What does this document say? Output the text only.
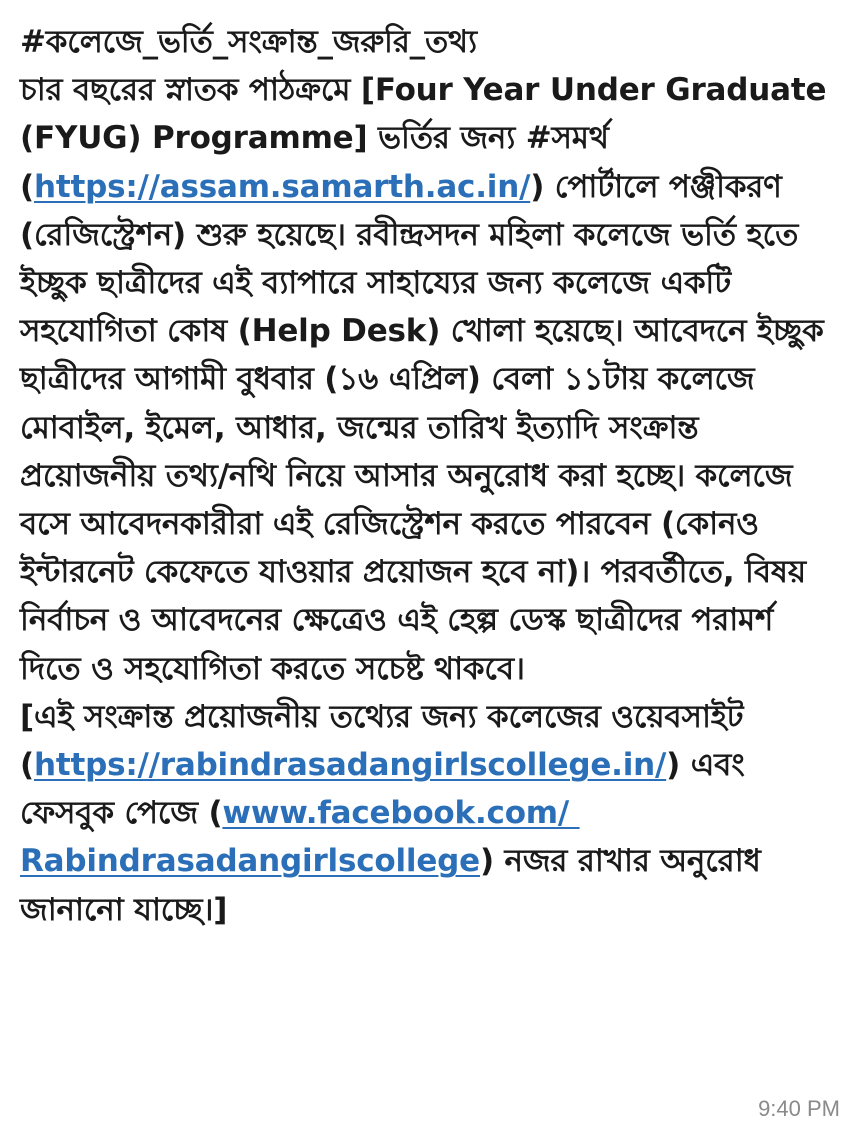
#কলেজে_ভর্তি_সংক্রান্ত_জরুরি_তথ্য
চার বছরের স্নাতক পাঠক্রমে [Four Year Under Graduate (FYUG) Programme] ভর্তির জন্য #সমর্থ (https://assam.samarth.ac.in/) পোর্টালে পঞ্জীকরণ (রেজিস্ট্রেশন) শুরু হয়েছে। রবীন্দ্রসদন মহিলা কলেজে ভর্তি হতে ইচ্ছুক ছাত্রীদের এই ব্যাপারে সাহায্যের জন্য কলেজে একটি সহযোগিতা কোষ (Help Desk) খোলা হয়েছে। আবেদনে ইচ্ছুক ছাত্রীদের আগামী বুধবার (১৬ এপ্রিল) বেলা ১১টায় কলেজে মোবাইল, ইমেল, আধার, জন্মের তারিখ ইত্যাদি সংক্রান্ত প্রয়োজনীয় তথ্য/নথি নিয়ে আসার অনুরোধ করা হচ্ছে। কলেজে বসে আবেদনকারীরা এই রেজিস্ট্রেশন করতে পারবেন (কোনও ইন্টারনেট কেফেতে যাওয়ার প্রয়োজন হবে না)। পরবর্তীতে, বিষয় নির্বাচন ও আবেদনের ক্ষেত্রেও এই হেল্প ডেস্ক ছাত্রীদের পরামর্শ দিতে ও সহযোগিতা করতে সচেষ্ট থাকবে।
[এই সংক্রান্ত প্রয়োজনীয় তথ্যের জন্য কলেজের ওয়েবসাইট (https://rabindrasadangirlscollege.in/) এবং ফেসবুক পেজে (www.facebook.com/ Rabindrasadangirlscollege) নজর রাখার অনুরোধ জানানো যাচ্ছে।]
9:40 PM
